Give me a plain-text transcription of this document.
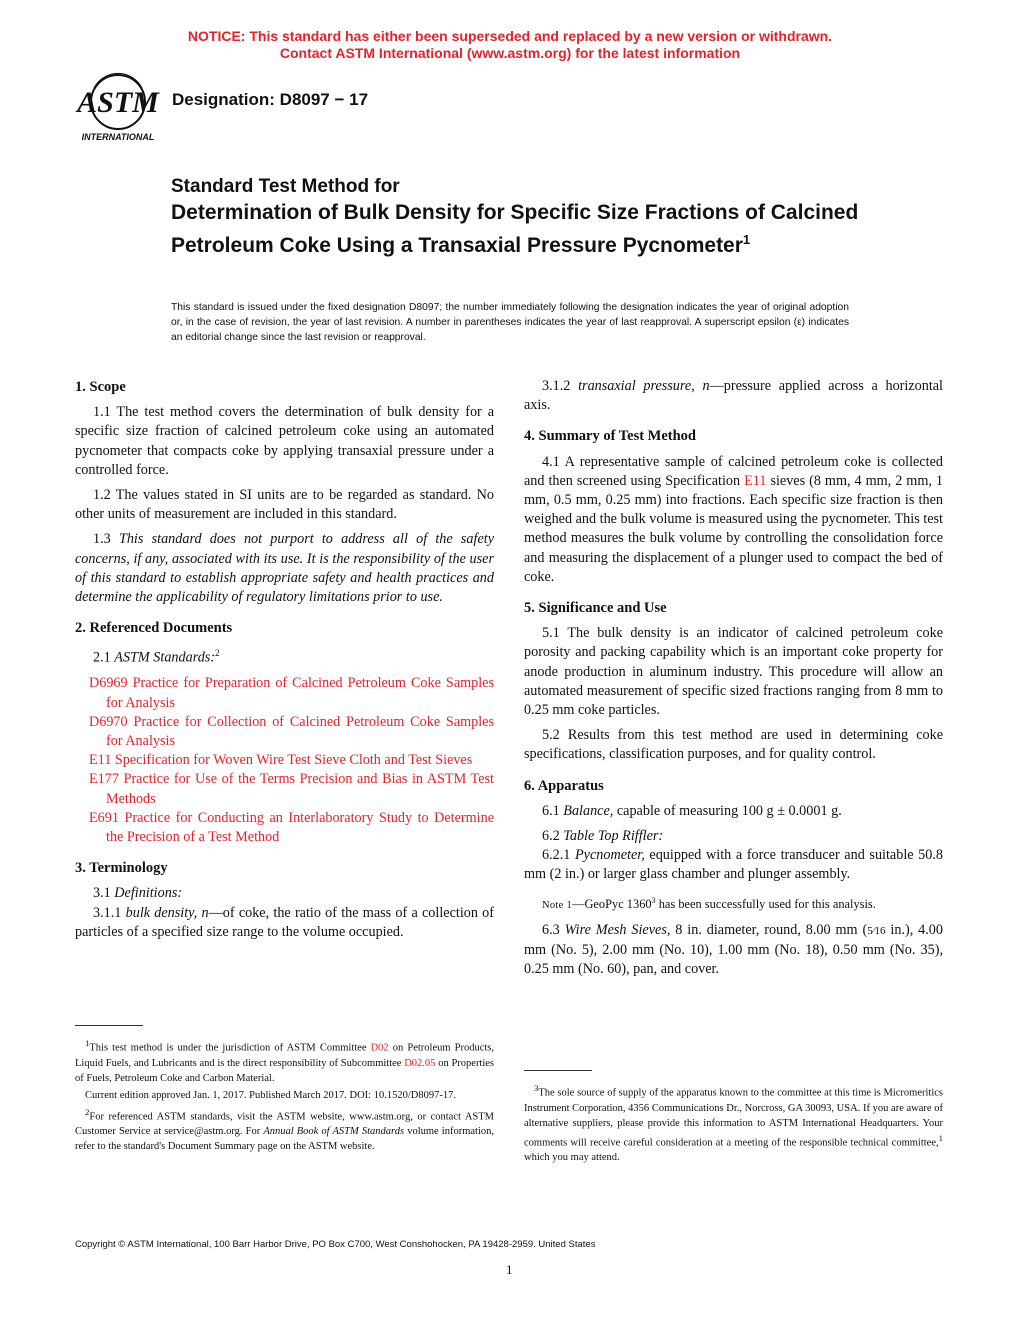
NOTICE: This standard has either been superseded and replaced by a new version or withdrawn.
Contact ASTM International (www.astm.org) for the latest information
ASTM
INTERNATIONAL
Designation: D8097 − 17
Standard Test Method for
Determination of Bulk Density for Specific Size Fractions of Calcined Petroleum Coke Using a Transaxial Pressure Pycnometer$^1$
This standard is issued under the fixed designation D8097; the number immediately following the designation indicates the year of original adoption or, in the case of revision, the year of last revision. A number in parentheses indicates the year of last reapproval. A superscript epsilon (ε) indicates an editorial change since the last revision or reapproval.
1. Scope

1.1 The test method covers the determination of bulk density for a specific size fraction of calcined petroleum coke using an automated pycnometer that compacts coke by applying transaxial pressure under a controlled force.

1.2 The values stated in SI units are to be regarded as standard. No other units of measurement are included in this standard.

1.3 This standard does not purport to address all of the safety concerns, if any, associated with its use. It is the responsibility of the user of this standard to establish appropriate safety and health practices and determine the applicability of regulatory limitations prior to use.

2. Referenced Documents

2.1 ASTM Standards:$^2$

D6969 Practice for Preparation of Calcined Petroleum Coke Samples for Analysis

D6970 Practice for Collection of Calcined Petroleum Coke Samples for Analysis

E11 Specification for Woven Wire Test Sieve Cloth and Test Sieves

E177 Practice for Use of the Terms Precision and Bias in ASTM Test Methods

E691 Practice for Conducting an Interlaboratory Study to Determine the Precision of a Test Method

3. Terminology

3.1 Definitions:

3.1.1 bulk density, n—of coke, the ratio of the mass of a collection of particles of a specified size range to the volume occupied.

$^1$This test method is under the jurisdiction of ASTM Committee D02 on Petroleum Products, Liquid Fuels, and Lubricants and is the direct responsibility of Subcommittee D02.05 on Properties of Fuels, Petroleum Coke and Carbon Material.

Current edition approved Jan. 1, 2017. Published March 2017. DOI: 10.1520/D8097-17.

$^2$For referenced ASTM standards, visit the ASTM website, www.astm.org, or contact ASTM Customer Service at service@astm.org. For Annual Book of ASTM Standards volume information, refer to the standard's Document Summary page on the ASTM website.

3.1.2 transaxial pressure, n—pressure applied across a horizontal axis.

4. Summary of Test Method

4.1 A representative sample of calcined petroleum coke is collected and then screened using Specification E11 sieves (8 mm, 4 mm, 2 mm, 1 mm, 0.5 mm, 0.25 mm) into fractions. Each specific size fraction is then weighed and the bulk volume is measured using the pycnometer. This test method measures the bulk volume by controlling the consolidation force and measuring the displacement of a plunger used to compact the bed of coke.

5. Significance and Use

5.1 The bulk density is an indicator of calcined petroleum coke porosity and packing capability which is an important coke property for anode production in aluminum industry. This procedure will allow an automated measurement of specific sized fractions ranging from 8 mm to 0.25 mm coke particles.

5.2 Results from this test method are used in determining coke specifications, classification purposes, and for quality control.

6. Apparatus

6.1 Balance, capable of measuring 100 g ± 0.0001 g.

6.2 Table Top Riffler:

6.2.1 Pycnometer, equipped with a force transducer and suitable 50.8 mm (2 in.) or larger glass chamber and plunger assembly.

Note 1—GeoPyc 1360$^3$ has been successfully used for this analysis.

6.3 Wire Mesh Sieves, 8 in. diameter, round, 8.00 mm (5⁄16 in.), 4.00 mm (No. 5), 2.00 mm (No. 10), 1.00 mm (No. 18), 0.50 mm (No. 35), 0.25 mm (No. 60), pan, and cover.

$^3$The sole source of supply of the apparatus known to the committee at this time is Micromeritics Instrument Corporation, 4356 Communications Dr., Norcross, GA 30093, USA. If you are aware of alternative suppliers, please provide this information to ASTM International Headquarters. Your comments will receive careful consideration at a meeting of the responsible technical committee,$^1$ which you may attend.

Copyright © ASTM International, 100 Barr Harbor Drive, PO Box C700, West Conshohocken, PA 19428-2959. United States
1
